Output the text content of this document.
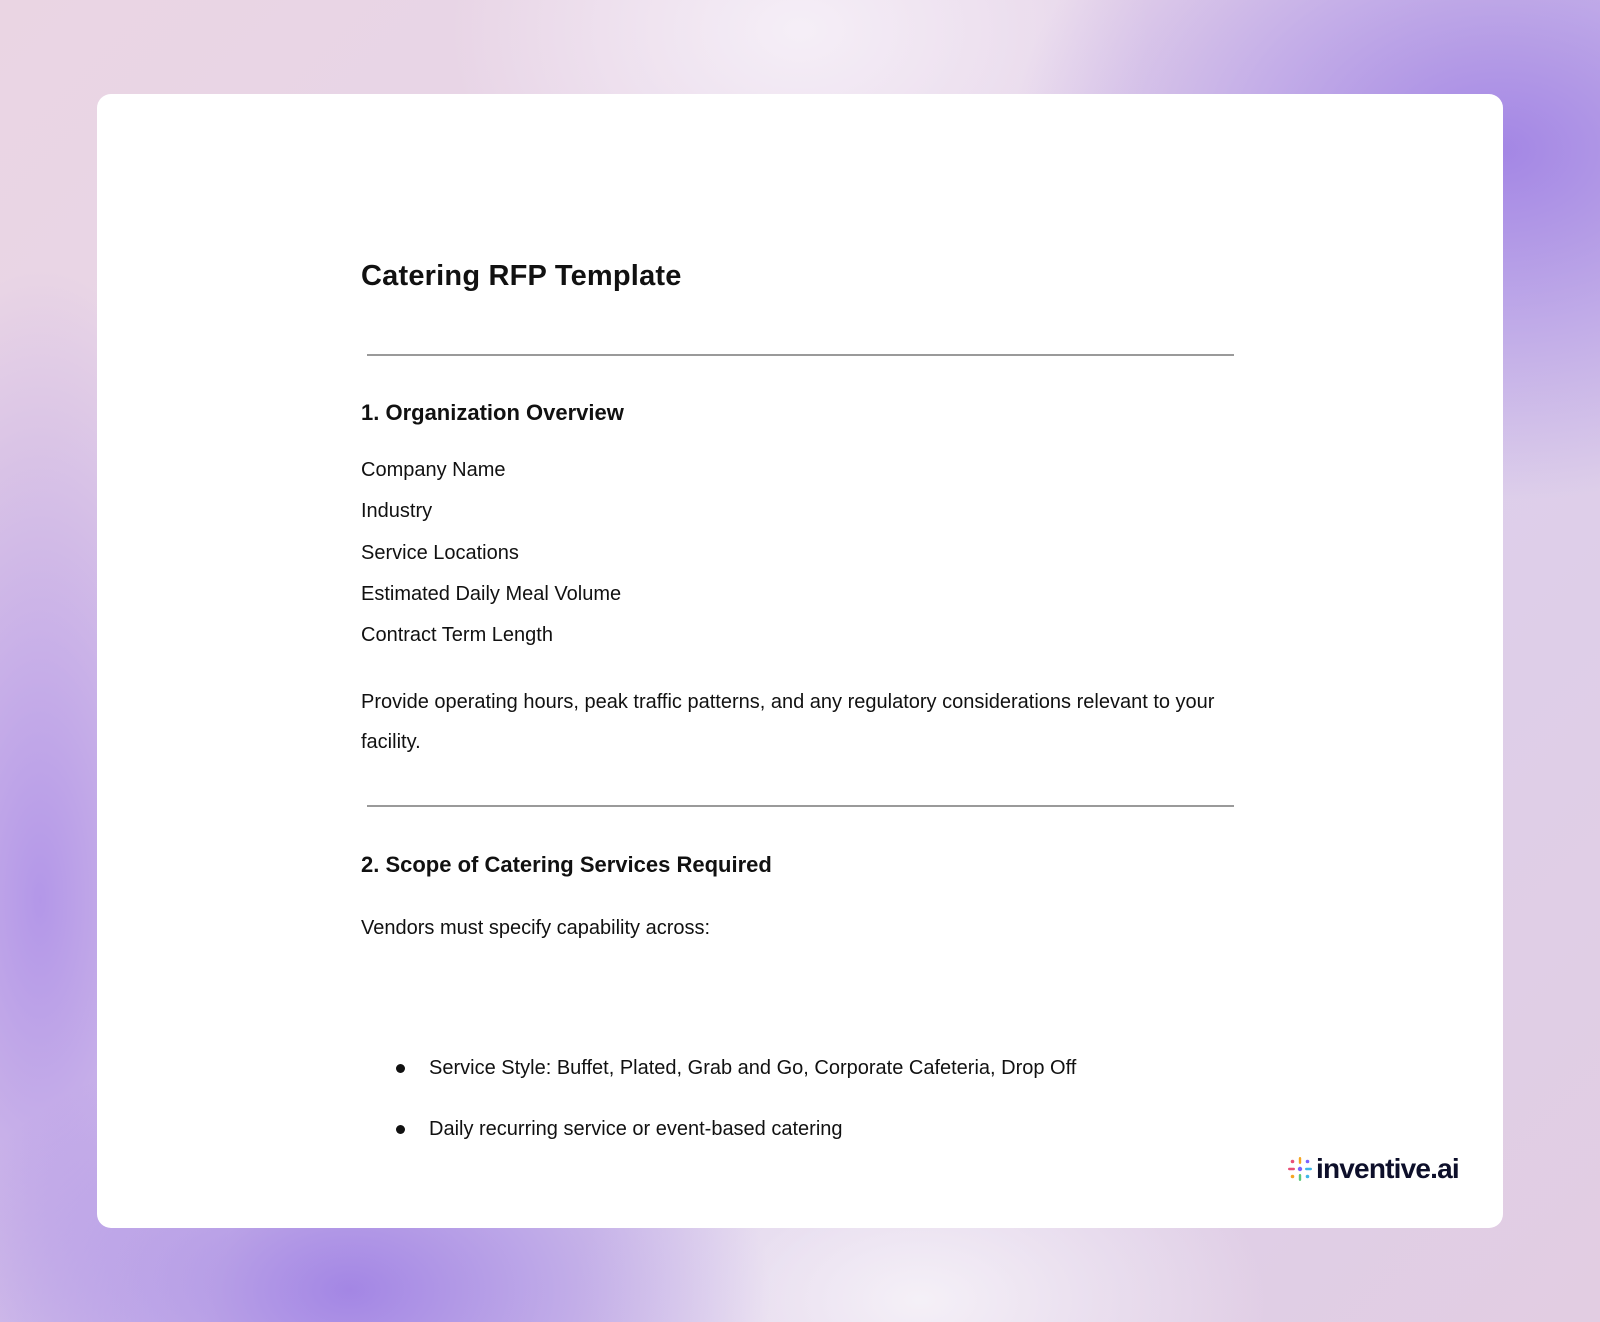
Catering RFP Template
1. Organization Overview
Company Name
Industry
Service Locations
Estimated Daily Meal Volume
Contract Term Length

Provide operating hours, peak traffic patterns, and any regulatory considerations relevant to your facility.

2. Scope of Catering Services Required

Vendors must specify capability across:

Service Style: Buffet, Plated, Grab and Go, Corporate Cafeteria, Drop Off
Daily recurring service or event-based catering
inventive.ai
